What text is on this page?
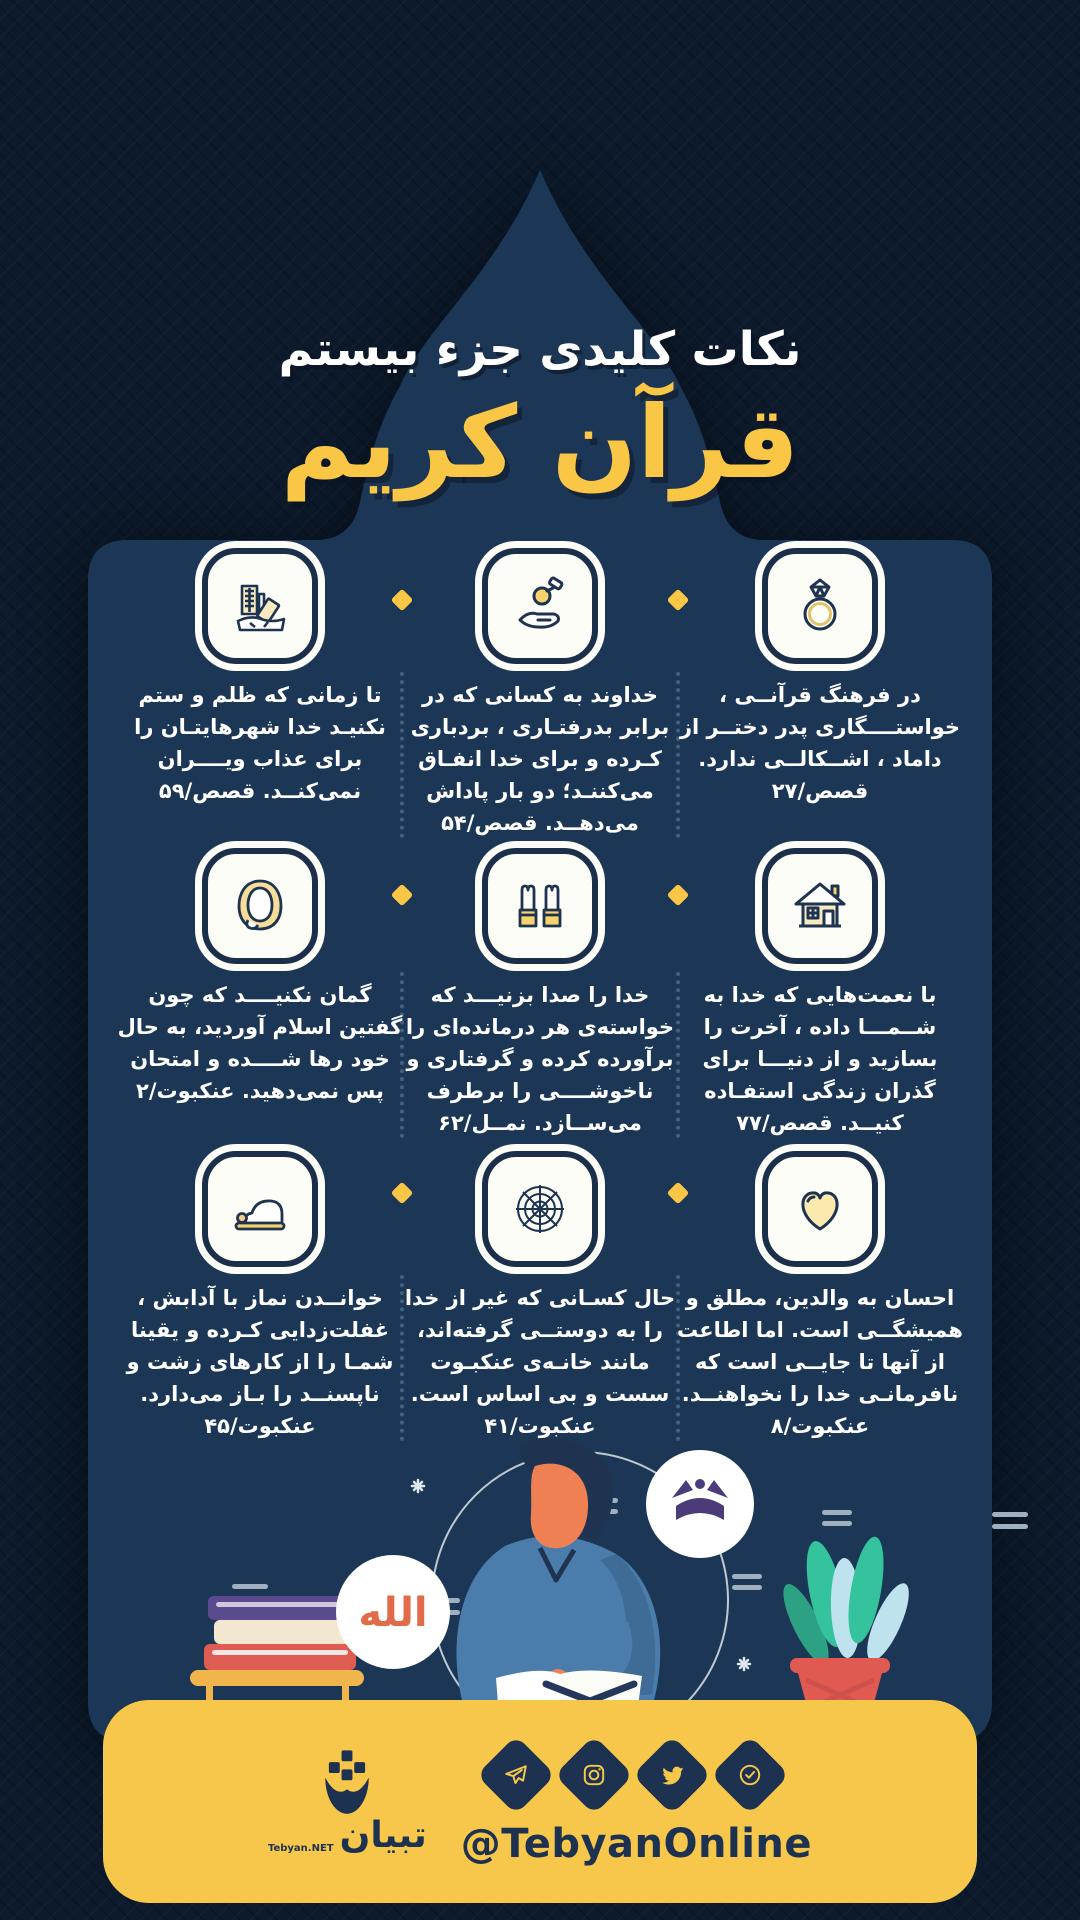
نکات کلیدی جزء بیستم
قرآن کریم

در فرهنگ قرآنــی ، خواستــــگاری پدر دختــر از داماد ، اشــکالــی ندارد. قصص/۲۷

خداوند به کسانی که در برابر بدرفتـاری ، بردباری کـرده و برای خدا انفـاق می‌کننـد؛ دو بار پاداش می‌دهــد. قصص/۵۴

تا زمانی که ظلم و ستم نکنیـد خدا شهرهایتـان را برای عذاب ویــــران نمی‌کنــد. قصص/۵۹

با نعمت‌هایی که خدا به شــمـــا داده ، آخرت را بسازید و از دنیـــا برای گذران زندگی استفـاده کنیــد. قصص/۷۷

خدا را صدا بزنیـــد که خواسته‌ی هر درمانده‌ای را برآورده کرده و گرفتاری و ناخوشــــی را برطرف می‌ســازد. نمــل/۶۲

گمان نکنیــــد که چون گفتین اسلام آوردید، به حال خود رها شــــده و امتحان پس نمی‌دهید. عنکبوت/۲

احسان به والدین، مطلق و همیشگــی است. اما اطاعت از آنها تا جایــی است که نافرمانـی خدا را نخواهنــد. عنکبوت/۸

حال کسـانی که غیر از خدا را به دوستــی گرفته‌اند، مانند خانـه‌ی عنکبـوت سست و بی اساس است. عنکبوت/۴۱

خوانــدن نماز با آدابش ، غفلت‌زدایی کـرده و یقینا شمـا را از کارهای زشت و ناپسنــد را بـاز می‌دارد. عنکبوت/۴۵

الله
Tebyan.NET تبیان @TebyanOnline
